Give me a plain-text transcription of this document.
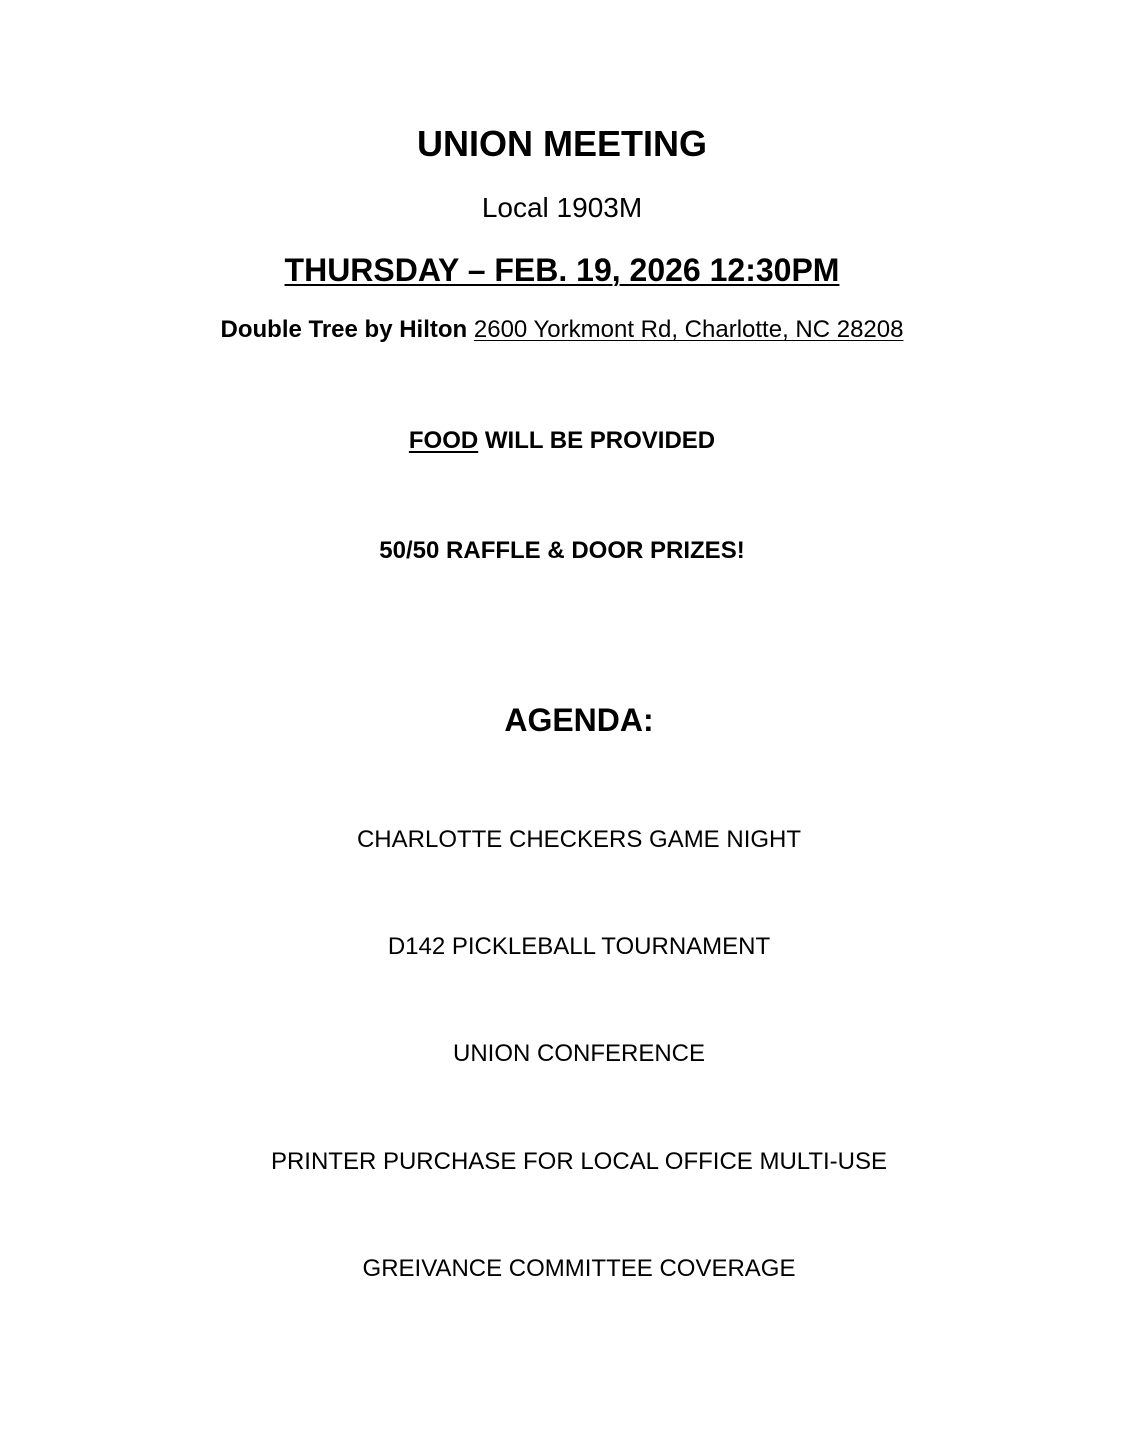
UNION MEETING
Local 1903M
THURSDAY – FEB. 19, 2026 12:30PM
Double Tree by Hilton 2600 Yorkmont Rd, Charlotte, NC 28208
FOOD WILL BE PROVIDED
50/50 RAFFLE & DOOR PRIZES!
AGENDA:
CHARLOTTE CHECKERS GAME NIGHT
D142 PICKLEBALL TOURNAMENT
UNION CONFERENCE
PRINTER PURCHASE FOR LOCAL OFFICE MULTI-USE
GREIVANCE COMMITTEE COVERAGE
